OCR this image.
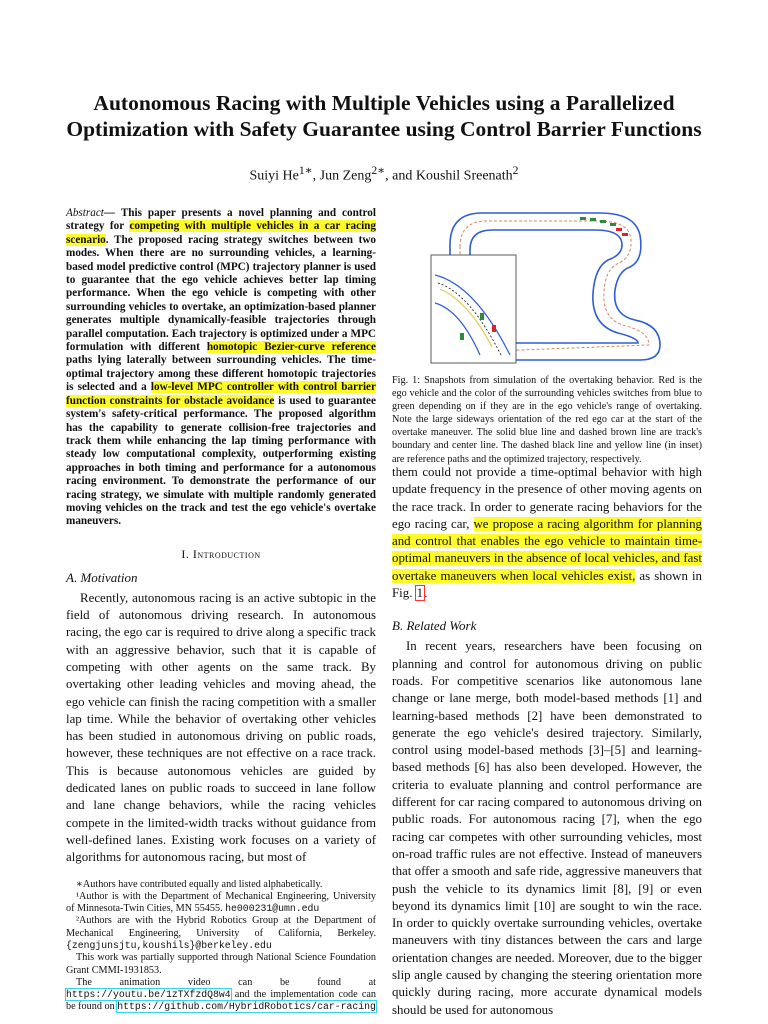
Autonomous Racing with Multiple Vehicles using a Parallelized
Optimization with Safety Guarantee using Control Barrier Functions
Suiyi $He^{1∗}$, Jun Zeng$^{2∗}$, and Koushil Sreenath$^2$

Abstract— This paper presents a novel planning and control strategy for competing with multiple vehicles in a car racing scenario. The proposed racing strategy switches between two modes. When there are no surrounding vehicles, a learning-based model predictive control (MPC) trajectory planner is used to guarantee that the ego vehicle achieves better lap timing performance. When the ego vehicle is competing with other surrounding vehicles to overtake, an optimization-based planner generates multiple dynamically-feasible trajectories through parallel computation. Each trajectory is optimized under a MPC formulation with different homotopic Bezier-curve reference paths lying laterally between surrounding vehicles. The time-optimal trajectory among these different homotopic trajectories is selected and a low-level MPC controller with control barrier function constraints for obstacle avoidance is used to guarantee system's safety-critical performance. The proposed algorithm has the capability to generate collision-free trajectories and track them while enhancing the lap timing performance with steady low computational complexity, outperforming existing approaches in both timing and performance for a autonomous racing environment. To demonstrate the performance of our racing strategy, we simulate with multiple randomly generated moving vehicles on the track and test the ego vehicle's overtake maneuvers.

I. Introduction
A. Motivation

Recently, autonomous racing is an active subtopic in the field of autonomous driving research. In autonomous racing, the ego car is required to drive along a specific track with an aggressive behavior, such that it is capable of competing with other agents on the same track. By overtaking other leading vehicles and moving ahead, the ego vehicle can finish the racing competition with a smaller lap time. While the behavior of overtaking other vehicles has been studied in autonomous driving on public roads, however, these techniques are not effective on a race track. This is because autonomous vehicles are guided by dedicated lanes on public roads to succeed in lane follow and lane change behaviors, while the racing vehicles compete in the limited-width tracks without guidance from well-defined lanes. Existing work focuses on a variety of algorithms for autonomous racing, but most of

∗Authors have contributed equally and listed alphabetically.

¹Author is with the Department of Mechanical Engineering, University of Minnesota-Twin Cities, MN 55455. he000231@umn.edu

²Authors are with the Hybrid Robotics Group at the Department of Mechanical Engineering, University of California, Berkeley. {zengjunsjtu,koushils}@berkeley.edu

This work was partially supported through National Science Foundation Grant CMMI-1931853.

The animation video can be found at https://youtu.be/1zTXfzdQ8w4 and the implementation code can be found on https://github.com/HybridRobotics/car-racing

Fig. 1: Snapshots from simulation of the overtaking behavior. Red is the ego vehicle and the color of the surrounding vehicles switches from blue to green depending on if they are in the ego vehicle's range of overtaking. Note the large sideways orientation of the red ego car at the start of the overtake maneuver. The solid blue line and dashed brown line are track's boundary and center line. The dashed black line and yellow line (in inset) are reference paths and the optimized trajectory, respectively.

them could not provide a time-optimal behavior with high update frequency in the presence of other moving agents on the race track. In order to generate racing behaviors for the ego racing car, we propose a racing algorithm for planning and control that enables the ego vehicle to maintain time-optimal maneuvers in the absence of local vehicles, and fast overtake maneuvers when local vehicles exist, as shown in Fig. 1.

B. Related Work

In recent years, researchers have been focusing on planning and control for autonomous driving on public roads. For competitive scenarios like autonomous lane change or lane merge, both model-based methods [1] and learning-based methods [2] have been demonstrated to generate the ego vehicle's desired trajectory. Similarly, control using model-based methods [3]–[5] and learning-based methods [6] has also been developed. However, the criteria to evaluate planning and control performance are different for car racing compared to autonomous driving on public roads. For autonomous racing [7], when the ego racing car competes with other surrounding vehicles, most on-road traffic rules are not effective. Instead of maneuvers that offer a smooth and safe ride, aggressive maneuvers that push the vehicle to its dynamics limit [8], [9] or even beyond its dynamics limit [10] are sought to win the race. In order to quickly overtake surrounding vehicles, overtake maneuvers with tiny distances between the cars and large orientation changes are needed. Moreover, due to the bigger slip angle caused by changing the steering orientation more quickly during racing, more accurate dynamical models should be used for autonomous
